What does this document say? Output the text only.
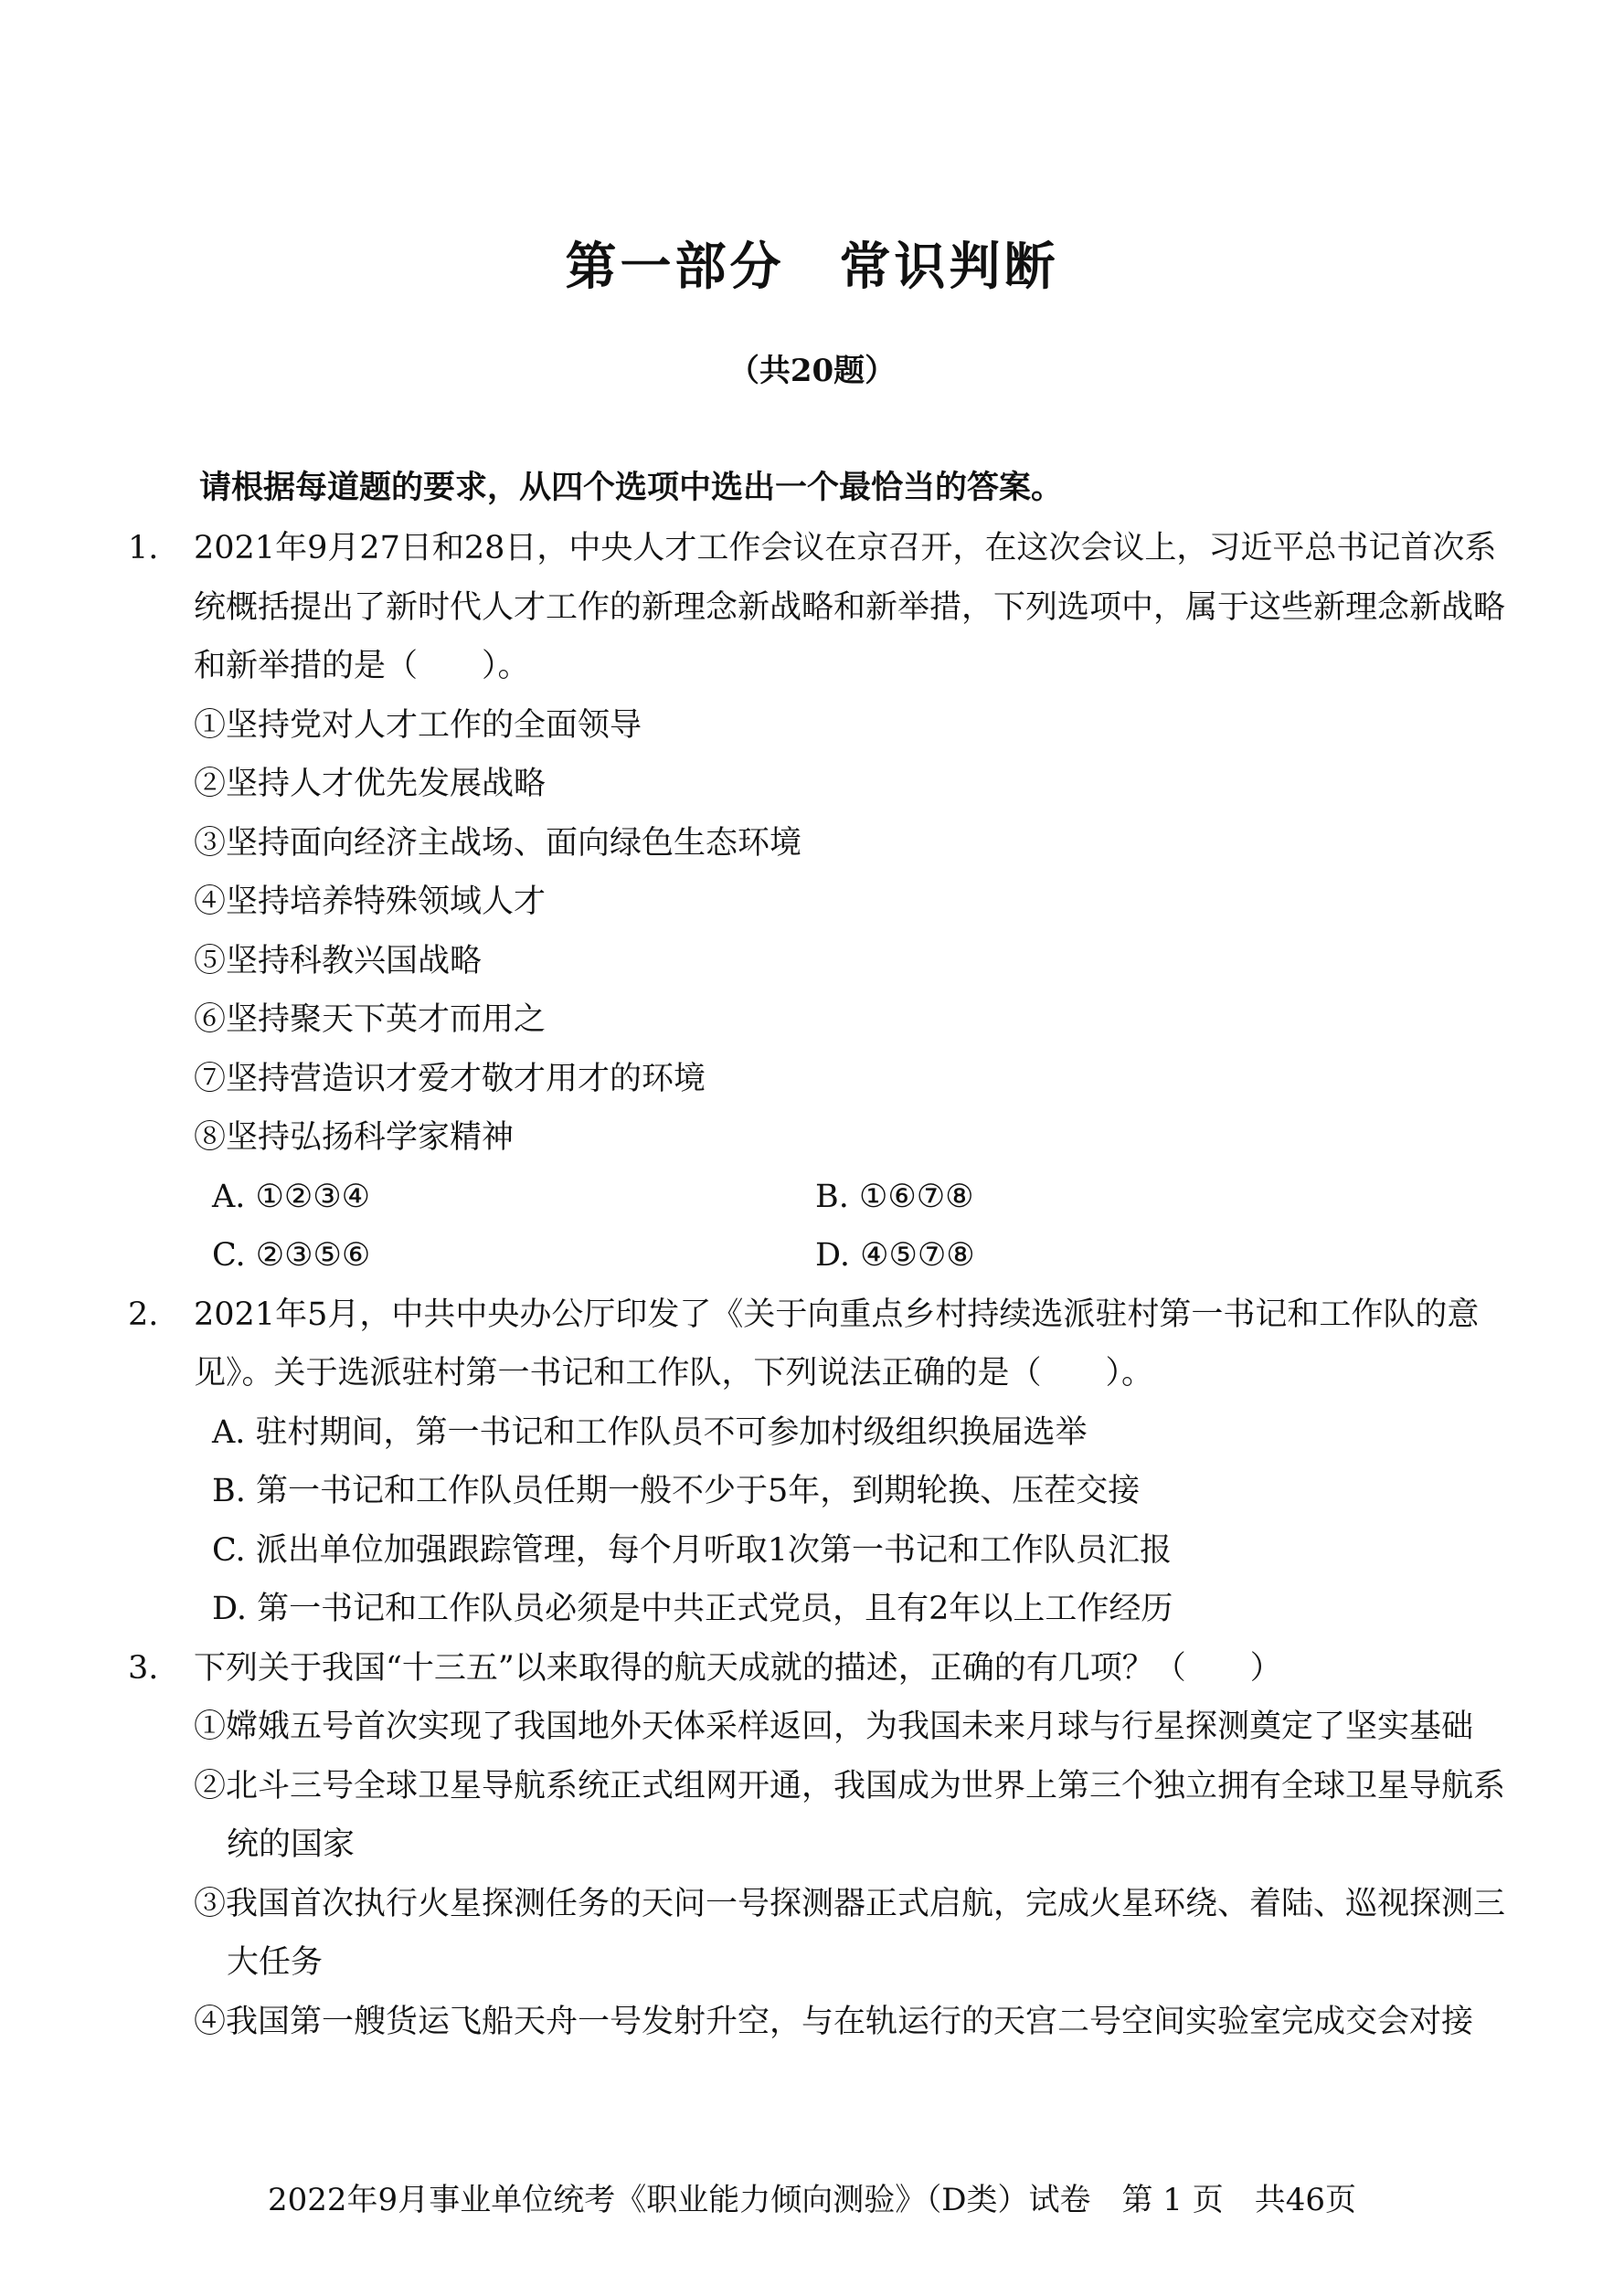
第一部分　常识判断
（共20题）
请根据每道题的要求，从四个选项中选出一个最恰当的答案。
1.	2021年9月27日和28日，中央人才工作会议在京召开，在这次会议上，习近平总书记首次系统概括提出了新时代人才工作的新理念新战略和新举措，下列选项中，属于这些新理念新战略和新举措的是（　　）。
①坚持党对人才工作的全面领导
②坚持人才优先发展战略
③坚持面向经济主战场、面向绿色生态环境
④坚持培养特殊领域人才
⑤坚持科教兴国战略
⑥坚持聚天下英才而用之
⑦坚持营造识才爱才敬才用才的环境
⑧坚持弘扬科学家精神
A. ①②③④	B. ①⑥⑦⑧
C. ②③⑤⑥	D. ④⑤⑦⑧
2.	2021年5月，中共中央办公厅印发了《关于向重点乡村持续选派驻村第一书记和工作队的意见》。关于选派驻村第一书记和工作队，下列说法正确的是（　　）。
A. 驻村期间，第一书记和工作队员不可参加村级组织换届选举
B. 第一书记和工作队员任期一般不少于5年，到期轮换、压茬交接
C. 派出单位加强跟踪管理，每个月听取1次第一书记和工作队员汇报
D. 第一书记和工作队员必须是中共正式党员，且有2年以上工作经历
3.	下列关于我国“十三五”以来取得的航天成就的描述，正确的有几项？（　　）
①嫦娥五号首次实现了我国地外天体采样返回，为我国未来月球与行星探测奠定了坚实基础
②北斗三号全球卫星导航系统正式组网开通，我国成为世界上第三个独立拥有全球卫星导航系统的国家
③我国首次执行火星探测任务的天问一号探测器正式启航，完成火星环绕、着陆、巡视探测三大任务
④我国第一艘货运飞船天舟一号发射升空，与在轨运行的天宫二号空间实验室完成交会对接
2022年9月事业单位统考《职业能力倾向测验》（D类）试卷　第 1 页　共46页
